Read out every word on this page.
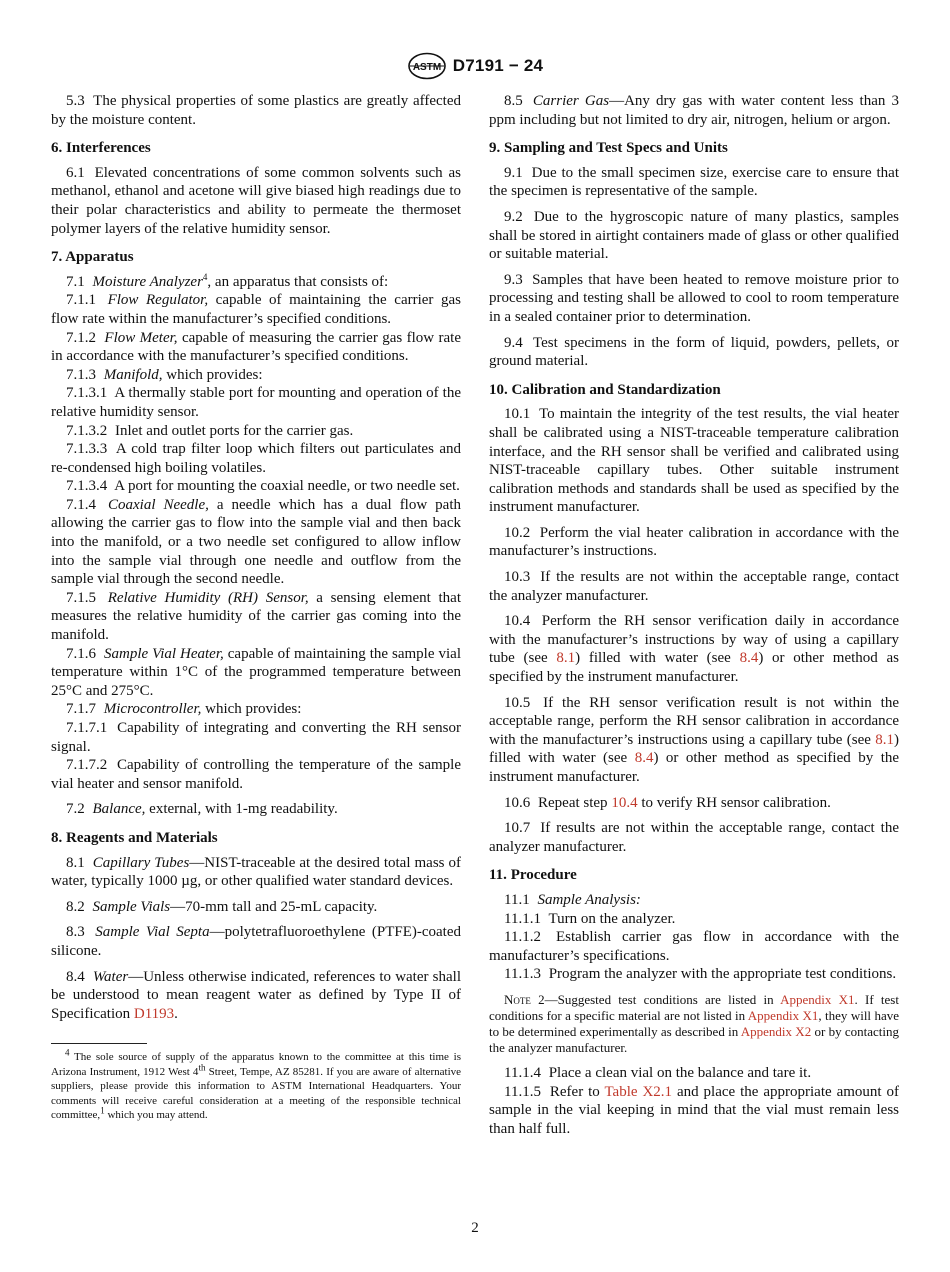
ASTM D7191 − 24

5.3 The physical properties of some plastics are greatly affected by the moisture content.

6. Interferences

6.1 Elevated concentrations of some common solvents such as methanol, ethanol and acetone will give biased high readings due to their polar characteristics and ability to permeate the thermoset polymer layers of the relative humidity sensor.

7. Apparatus

7.1 Moisture Analyzer$^4$, an apparatus that consists of:

7.1.1 Flow Regulator, capable of maintaining the carrier gas flow rate within the manufacturer’s specified conditions.

7.1.2 Flow Meter, capable of measuring the carrier gas flow rate in accordance with the manufacturer’s specified conditions.

7.1.3 Manifold, which provides:

7.1.3.1 A thermally stable port for mounting and operation of the relative humidity sensor.

7.1.3.2 Inlet and outlet ports for the carrier gas.

7.1.3.3 A cold trap filter loop which filters out particulates and re-condensed high boiling volatiles.

7.1.3.4 A port for mounting the coaxial needle, or two needle set.

7.1.4 Coaxial Needle, a needle which has a dual flow path allowing the carrier gas to flow into the sample vial and then back into the manifold, or a two needle set configured to allow inflow into the sample vial through one needle and outflow from the sample vial through the second needle.

7.1.5 Relative Humidity (RH) Sensor, a sensing element that measures the relative humidity of the carrier gas coming into the manifold.

7.1.6 Sample Vial Heater, capable of maintaining the sample vial temperature within 1°C of the programmed temperature between 25°C and 275°C.

7.1.7 Microcontroller, which provides:

7.1.7.1 Capability of integrating and converting the RH sensor signal.

7.1.7.2 Capability of controlling the temperature of the sample vial heater and sensor manifold.

7.2 Balance, external, with 1-mg readability.

8. Reagents and Materials

8.1 Capillary Tubes—NIST-traceable at the desired total mass of water, typically 1000 µg, or other qualified water standard devices.

8.2 Sample Vials—70-mm tall and 25-mL capacity.

8.3 Sample Vial Septa—polytetrafluoroethylene (PTFE)-coated silicone.

8.4 Water—Unless otherwise indicated, references to water shall be understood to mean reagent water as defined by Type II of Specification D1193.

$^4$ The sole source of supply of the apparatus known to the committee at this time is Arizona Instrument, 1912 West 4th Street, Tempe, AZ 85281. If you are aware of alternative suppliers, please provide this information to ASTM International Headquarters. Your comments will receive careful consideration at a meeting of the responsible technical committee,$^1$ which you may attend.

8.5 Carrier Gas—Any dry gas with water content less than 3 ppm including but not limited to dry air, nitrogen, helium or argon.

9. Sampling and Test Specs and Units

9.1 Due to the small specimen size, exercise care to ensure that the specimen is representative of the sample.

9.2 Due to the hygroscopic nature of many plastics, samples shall be stored in airtight containers made of glass or other qualified or suitable material.

9.3 Samples that have been heated to remove moisture prior to processing and testing shall be allowed to cool to room temperature in a sealed container prior to determination.

9.4 Test specimens in the form of liquid, powders, pellets, or ground material.

10. Calibration and Standardization

10.1 To maintain the integrity of the test results, the vial heater shall be calibrated using a NIST-traceable temperature calibration interface, and the RH sensor shall be verified and calibrated using NIST-traceable capillary tubes. Other suitable instrument calibration methods and standards shall be used as specified by the instrument manufacturer.

10.2 Perform the vial heater calibration in accordance with the manufacturer’s instructions.

10.3 If the results are not within the acceptable range, contact the analyzer manufacturer.

10.4 Perform the RH sensor verification daily in accordance with the manufacturer’s instructions by way of using a capillary tube (see 8.1) filled with water (see 8.4) or other method as specified by the instrument manufacturer.

10.5 If the RH sensor verification result is not within the acceptable range, perform the RH sensor calibration in accordance with the manufacturer’s instructions using a capillary tube (see 8.1) filled with water (see 8.4) or other method as specified by the instrument manufacturer.

10.6 Repeat step 10.4 to verify RH sensor calibration.

10.7 If results are not within the acceptable range, contact the analyzer manufacturer.

11. Procedure

11.1 Sample Analysis:

11.1.1 Turn on the analyzer.

11.1.2 Establish carrier gas flow in accordance with the manufacturer’s specifications.

11.1.3 Program the analyzer with the appropriate test conditions.

Note 2—Suggested test conditions are listed in Appendix X1. If test conditions for a specific material are not listed in Appendix X1, they will have to be determined experimentally as described in Appendix X2 or by contacting the analyzer manufacturer.

11.1.4 Place a clean vial on the balance and tare it.

11.1.5 Refer to Table X2.1 and place the appropriate amount of sample in the vial keeping in mind that the vial must remain less than half full.

2
